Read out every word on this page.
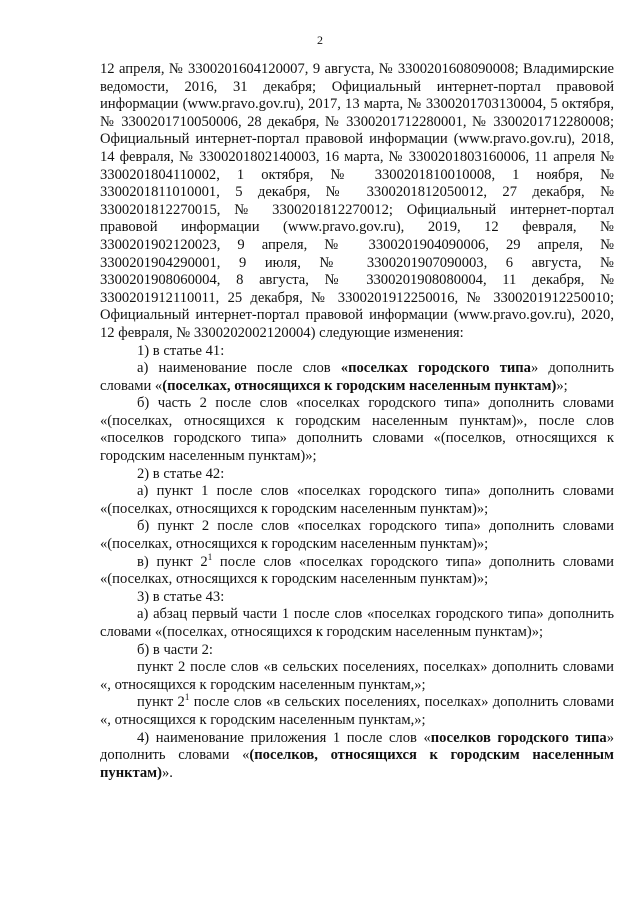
2

12 апреля, № 3300201604120007, 9 августа, № 3300201608090008; Владимирские ведомости, 2016, 31 декабря; Официальный интернет-портал правовой информации (www.pravo.gov.ru), 2017, 13 марта, № 3300201703130004, 5 октября, № 3300201710050006, 28 декабря, № 3300201712280001, № 3300201712280008; Официальный интернет-портал правовой информации (www.pravo.gov.ru), 2018, 14 февраля, № 3300201802140003, 16 марта, № 3300201803160006, 11 апреля № 3300201804110002, 1 октября, № 3300201810010008, 1 ноября, № 3300201811010001, 5 декабря, № 3300201812050012, 27 декабря, № 3300201812270015, № 3300201812270012; Официальный интернет-портал правовой информации (www.pravo.gov.ru), 2019, 12 февраля, № 3300201902120023, 9 апреля, № 3300201904090006, 29 апреля, № 3300201904290001, 9 июля, № 3300201907090003, 6 августа, № 3300201908060004, 8 августа, № 3300201908080004, 11 декабря, № 3300201912110011, 25 декабря, № 3300201912250016, № 3300201912250010; Официальный интернет-портал правовой информации (www.pravo.gov.ru), 2020, 12 февраля, № 3300202002120004) следующие изменения:

1) в статье 41:

а) наименование после слов «поселках городского типа» дополнить словами «(поселках, относящихся к городским населенным пунктам)»;

б) часть 2 после слов «поселках городского типа» дополнить словами «(поселках, относящихся к городским населенным пунктам)», после слов «поселков городского типа» дополнить словами «(поселков, относящихся к городским населенным пунктам)»;

2) в статье 42:

а) пункт 1 после слов «поселках городского типа» дополнить словами «(поселках, относящихся к городским населенным пунктам)»;

б) пункт 2 после слов «поселках городского типа» дополнить словами «(поселках, относящихся к городским населенным пунктам)»;

в) пункт $2^1$ после слов «поселках городского типа» дополнить словами «(поселках, относящихся к городским населенным пунктам)»;

3) в статье 43:

а) абзац первый части 1 после слов «поселках городского типа» дополнить словами «(поселках, относящихся к городским населенным пунктам)»;

б) в части 2:

пункт 2 после слов «в сельских поселениях, поселках» дополнить словами «, относящихся к городским населенным пунктам,»;

пункт $2^1$ после слов «в сельских поселениях, поселках» дополнить словами «, относящихся к городским населенным пунктам,»;

4) наименование приложения 1 после слов «поселков городского типа» дополнить словами «(поселков, относящихся к городским населенным пунктам)».
